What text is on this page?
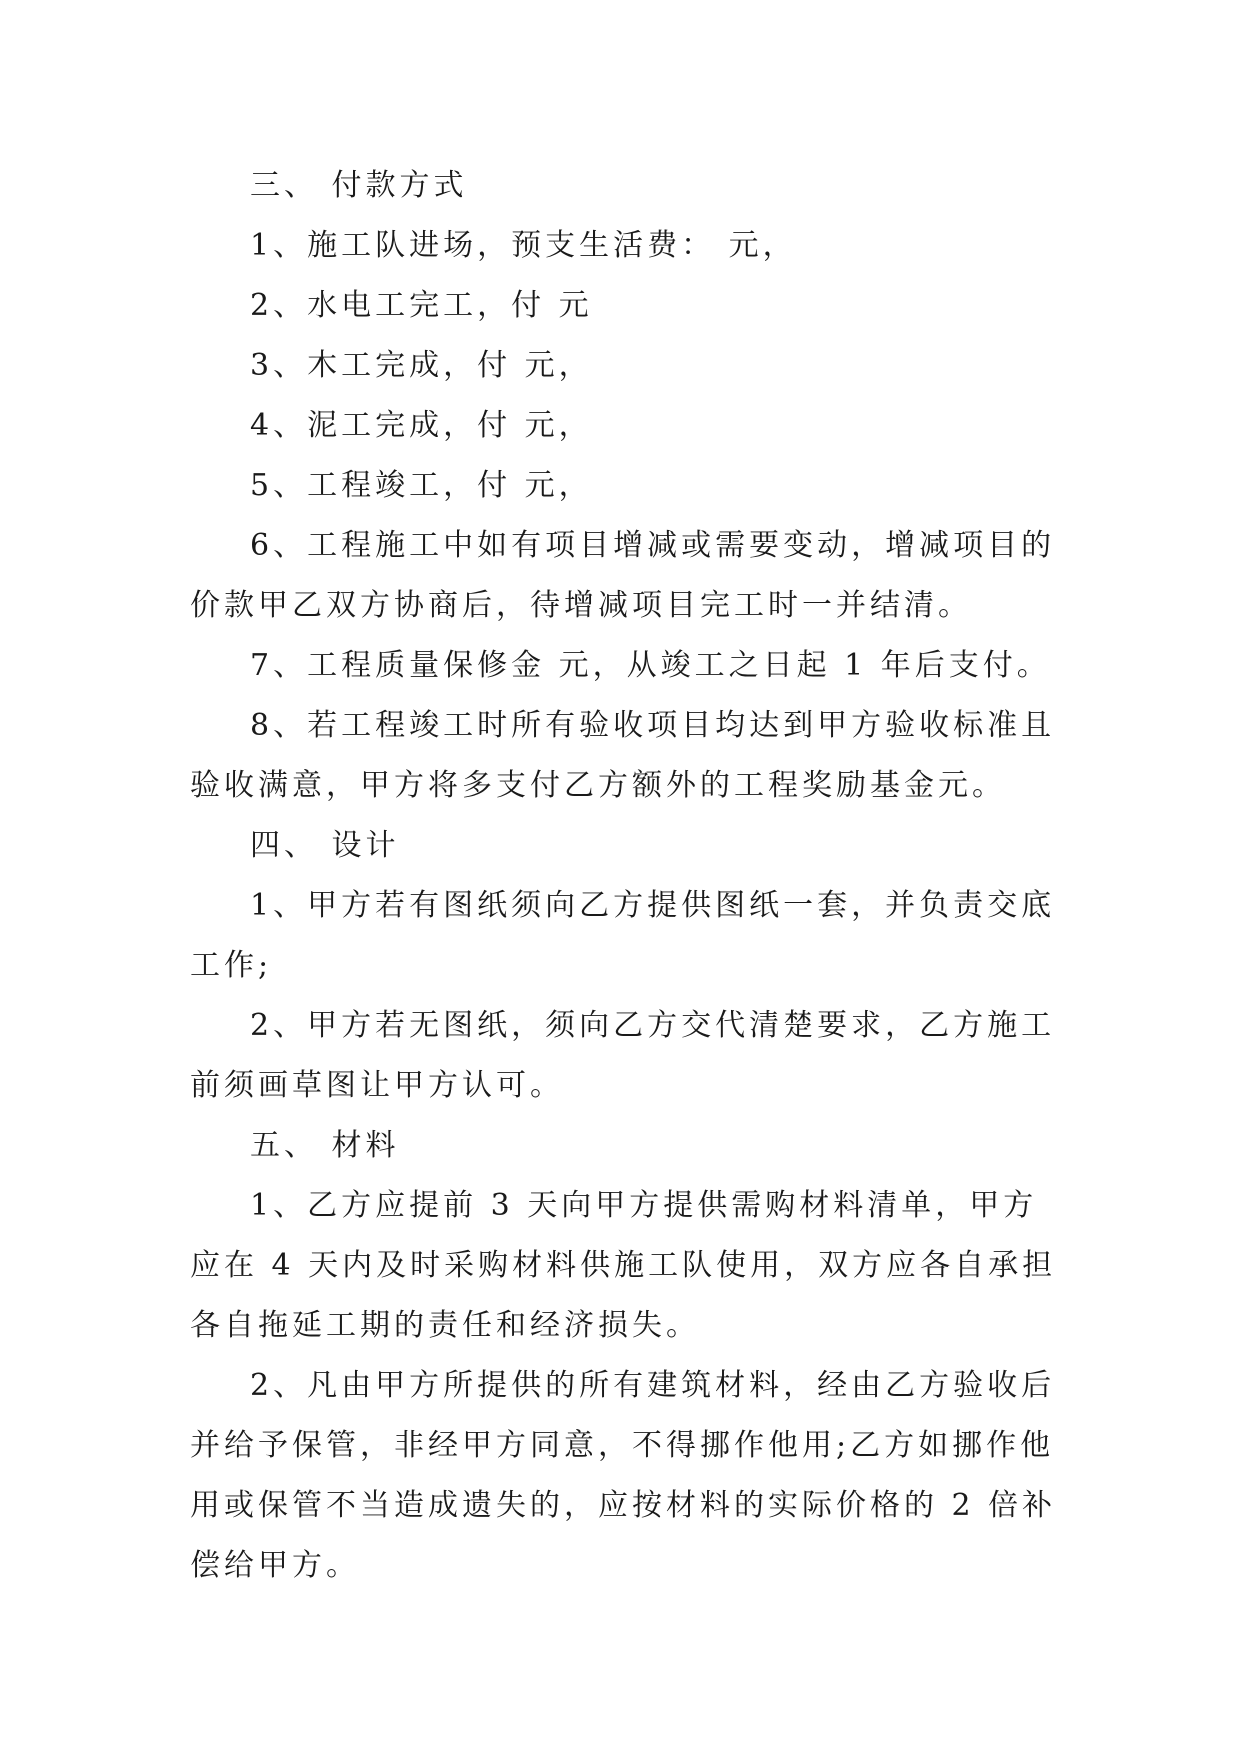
三、 付款方式

1、施工队进场，预支生活费： 元，

2、水电工完工，付 元

3、木工完成，付 元，

4、泥工完成，付 元，

5、工程竣工，付 元，

6、工程施工中如有项目增减或需要变动，增减项目的价款甲乙双方协商后，待增减项目完工时一并结清。

7、工程质量保修金 元，从竣工之日起 1 年后支付。

8、若工程竣工时所有验收项目均达到甲方验收标准且验收满意，甲方将多支付乙方额外的工程奖励基金元。

四、 设计

1、甲方若有图纸须向乙方提供图纸一套，并负责交底工作;

2、甲方若无图纸，须向乙方交代清楚要求，乙方施工前须画草图让甲方认可。

五、 材料

1、乙方应提前 3 天向甲方提供需购材料清单，甲方应在 4 天内及时采购材料供施工队使用，双方应各自承担各自拖延工期的责任和经济损失。

2、凡由甲方所提供的所有建筑材料，经由乙方验收后并给予保管，非经甲方同意，不得挪作他用;乙方如挪作他用或保管不当造成遗失的，应按材料的实际价格的 2 倍补偿给甲方。
